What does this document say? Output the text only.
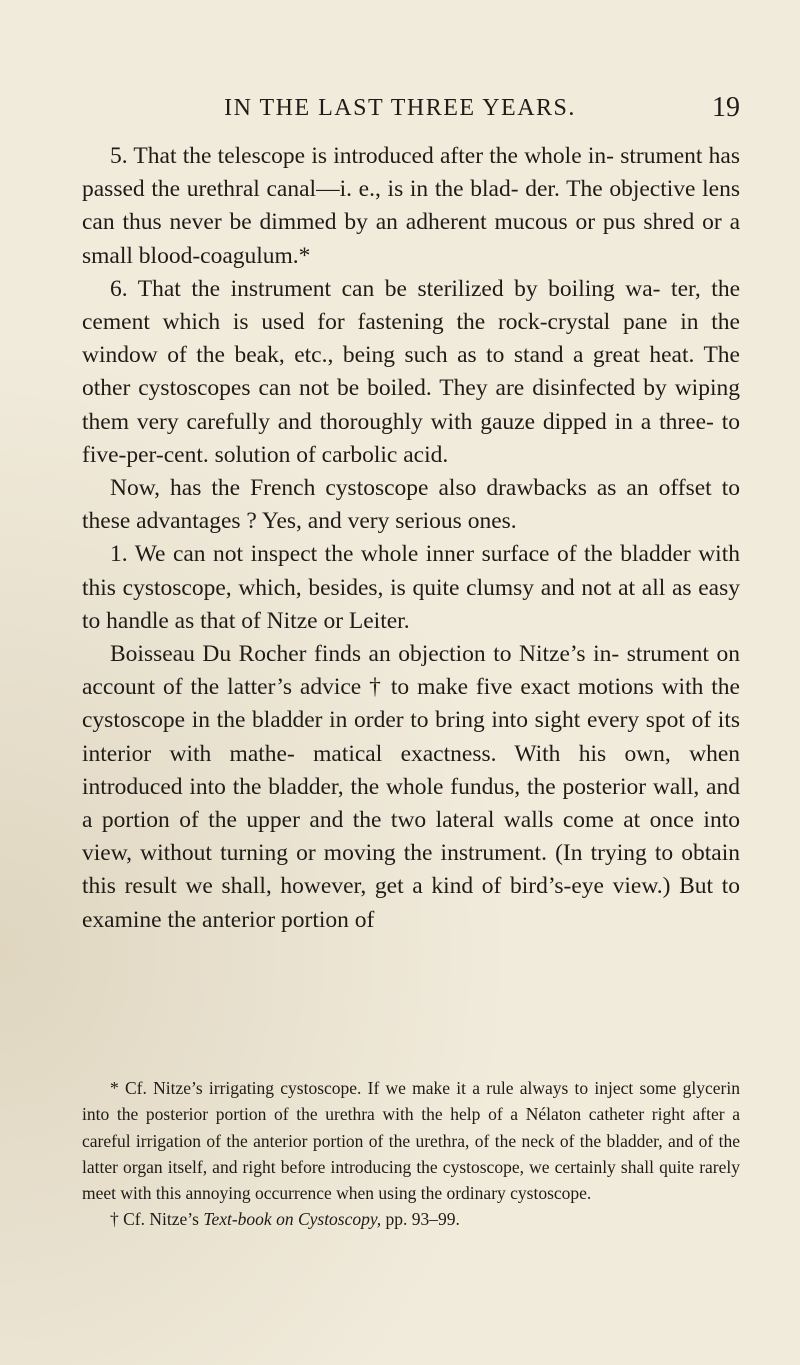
IN THE LAST THREE YEARS.	19

5. That the telescope is introduced after the whole in- strument has passed the urethral canal—i. e., is in the blad- der. The objective lens can thus never be dimmed by an adherent mucous or pus shred or a small blood-coagulum.*

6. That the instrument can be sterilized by boiling wa- ter, the cement which is used for fastening the rock-crystal pane in the window of the beak, etc., being such as to stand a great heat. The other cystoscopes can not be boiled. They are disinfected by wiping them very carefully and thoroughly with gauze dipped in a three- to five-per-cent. solution of carbolic acid.

Now, has the French cystoscope also drawbacks as an offset to these advantages ? Yes, and very serious ones.

1. We can not inspect the whole inner surface of the bladder with this cystoscope, which, besides, is quite clumsy and not at all as easy to handle as that of Nitze or Leiter.

Boisseau Du Rocher finds an objection to Nitze’s in- strument on account of the latter’s advice † to make five exact motions with the cystoscope in the bladder in order to bring into sight every spot of its interior with mathe- matical exactness. With his own, when introduced into the bladder, the whole fundus, the posterior wall, and a portion of the upper and the two lateral walls come at once into view, without turning or moving the instrument. (In trying to obtain this result we shall, however, get a kind of bird’s-eye view.) But to examine the anterior portion of

* Cf. Nitze’s irrigating cystoscope. If we make it a rule always to inject some glycerin into the posterior portion of the urethra with the help of a Nélaton catheter right after a careful irrigation of the anterior portion of the urethra, of the neck of the bladder, and of the latter organ itself, and right before introducing the cystoscope, we certainly shall quite rarely meet with this annoying occurrence when using the ordinary cystoscope.

† Cf. Nitze’s Text-book on Cystoscopy, pp. 93–99.
